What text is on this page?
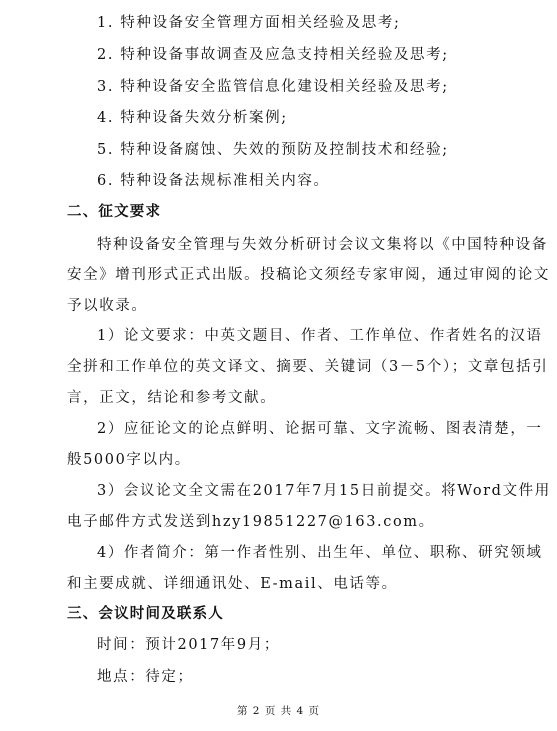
1. 特种设备安全管理方面相关经验及思考;
2. 特种设备事故调查及应急支持相关经验及思考;
3. 特种设备安全监管信息化建设相关经验及思考;
4. 特种设备失效分析案例;
5. 特种设备腐蚀、失效的预防及控制技术和经验;
6. 特种设备法规标准相关内容。
二、征文要求
特种设备安全管理与失效分析研讨会议文集将以《中国特种设备
安全》增刊形式正式出版。投稿论文须经专家审阅，通过审阅的论文
予以收录。
1）论文要求：中英文题目、作者、工作单位、作者姓名的汉语
全拼和工作单位的英文译文、摘要、关键词（3－5个）；文章包括引
言，正文，结论和参考文献。
2）应征论文的论点鲜明、论据可靠、文字流畅、图表清楚，一
般5000字以内。
3）会议论文全文需在2017年7月15日前提交。将Word文件用
电子邮件方式发送到hzy19851227@163.com。
4）作者简介：第一作者性别、出生年、单位、职称、研究领域
和主要成就、详细通讯处、E-mail、电话等。
三、会议时间及联系人
时间：预计2017年9月；
地点：待定；
第 2 页 共 4 页
